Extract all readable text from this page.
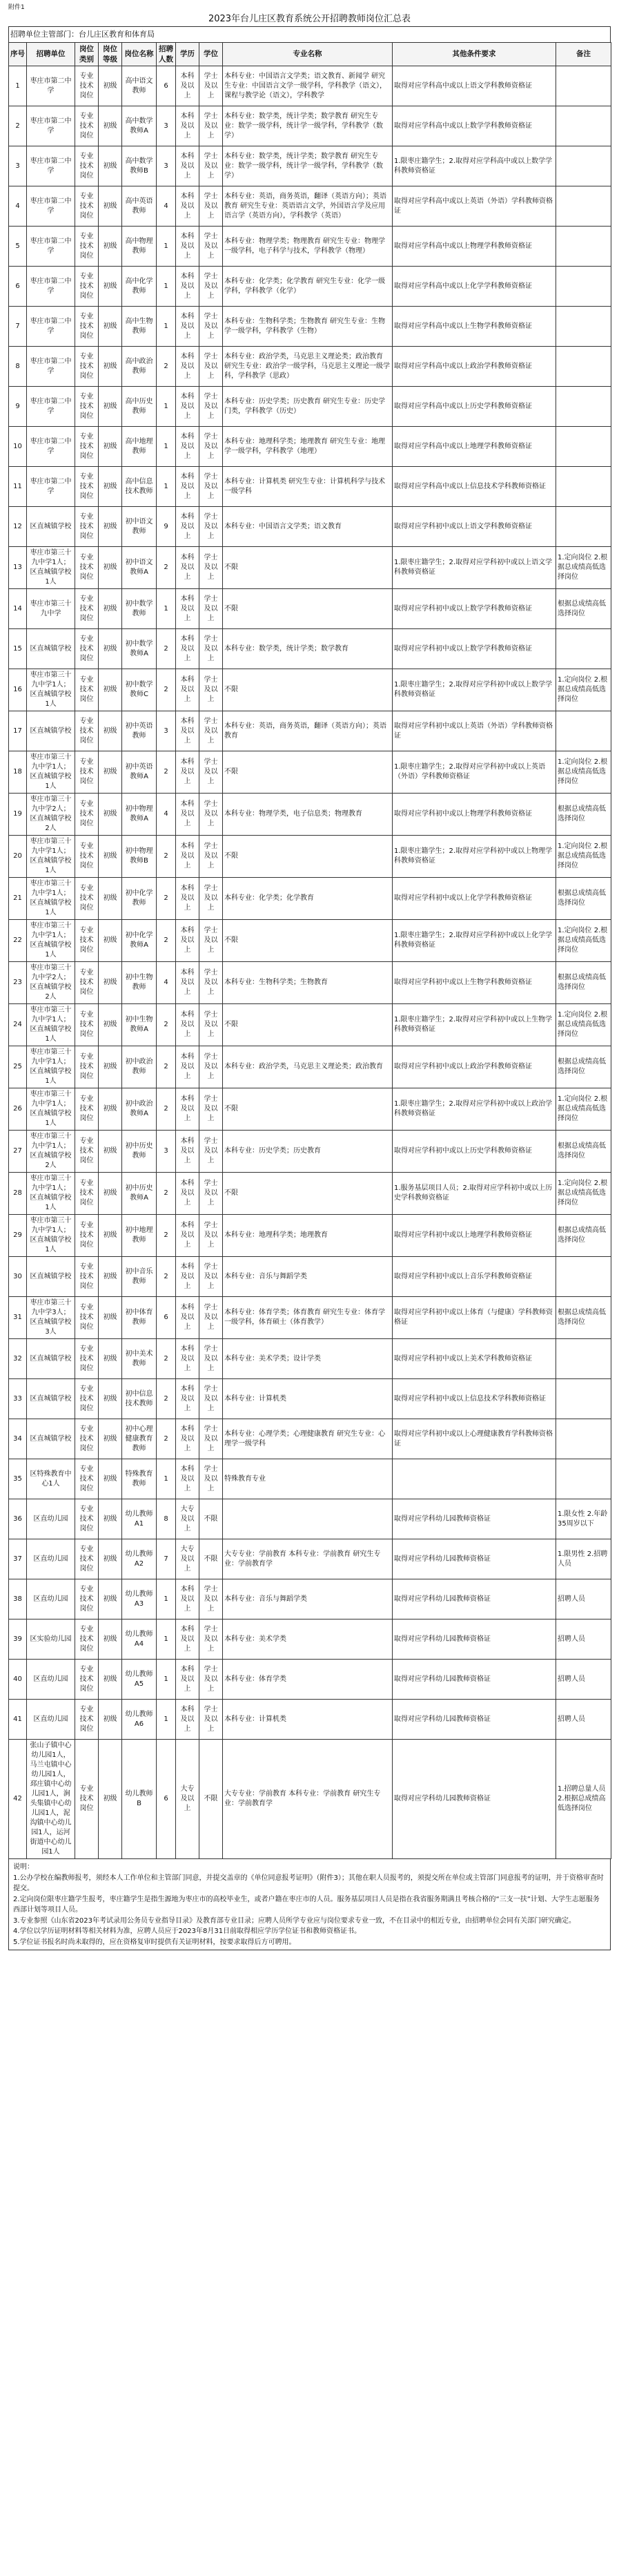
附件1
2023年台儿庄区教育系统公开招聘教师岗位汇总表
招聘单位主管部门：台儿庄区教育和体育局
序号	招聘单位	岗位类别	岗位等级	岗位名称	招聘人数	学历	学位	专业名称	其他条件要求	备注
1	枣庄市第二中学	专业技术岗位	初级	高中语文教师	6	本科及以上	学士及以上	本科专业：中国语言文学类；语文教育、新闻学 研究生专业：中国语言文学一级学科，学科教学（语文），课程与教学论（语文），学科教学	取得对应学科高中或以上语文学科教师资格证	
2	枣庄市第二中学	专业技术岗位	初级	高中数学教师A	3	本科及以上	学士及以上	本科专业：数学类，统计学类；数学教育 研究生专业：数学一级学科，统计学一级学科，学科教学（数学）	取得对应学科高中或以上数学学科教师资格证	
3	枣庄市第二中学	专业技术岗位	初级	高中数学教师B	3	本科及以上	学士及以上	本科专业：数学类，统计学类；数学教育 研究生专业：数学一级学科，统计学一级学科，学科教学（数学）	1.限枣庄籍学生；2.取得对应学科高中或以上数学学科教师资格证	
4	枣庄市第二中学	专业技术岗位	初级	高中英语教师	4	本科及以上	学士及以上	本科专业：英语，商务英语，翻译（英语方向）；英语教育 研究生专业：英语语言文学，外国语言学及应用语言学（英语方向），学科教学（英语）	取得对应学科高中或以上英语（外语）学科教师资格证	
5	枣庄市第二中学	专业技术岗位	初级	高中物理教师	1	本科及以上	学士及以上	本科专业：物理学类；物理教育 研究生专业：物理学一级学科，电子科学与技术，学科教学（物理）	取得对应学科高中或以上物理学科教师资格证	
6	枣庄市第二中学	专业技术岗位	初级	高中化学教师	1	本科及以上	学士及以上	本科专业：化学类；化学教育 研究生专业：化学一级学科，学科教学（化学）	取得对应学科高中或以上化学学科教师资格证	
7	枣庄市第二中学	专业技术岗位	初级	高中生物教师	1	本科及以上	学士及以上	本科专业：生物科学类；生物教育 研究生专业：生物学一级学科，学科教学（生物）	取得对应学科高中或以上生物学科教师资格证	
8	枣庄市第二中学	专业技术岗位	初级	高中政治教师	2	本科及以上	学士及以上	本科专业：政治学类，马克思主义理论类；政治教育 研究生专业：政治学一级学科，马克思主义理论一级学科，学科教学（思政）	取得对应学科高中或以上政治学科教师资格证	
9	枣庄市第二中学	专业技术岗位	初级	高中历史教师	1	本科及以上	学士及以上	本科专业：历史学类；历史教育 研究生专业：历史学门类，学科教学（历史）	取得对应学科高中或以上历史学科教师资格证	
10	枣庄市第二中学	专业技术岗位	初级	高中地理教师	1	本科及以上	学士及以上	本科专业：地理科学类；地理教育 研究生专业：地理学一级学科，学科教学（地理）	取得对应学科高中或以上地理学科教师资格证	
11	枣庄市第二中学	专业技术岗位	初级	高中信息技术教师	1	本科及以上	学士及以上	本科专业：计算机类 研究生专业：计算机科学与技术一级学科	取得对应学科高中或以上信息技术学科教师资格证	
12	区直城镇学校	专业技术岗位	初级	初中语文教师	9	本科及以上	学士及以上	本科专业：中国语言文学类；语文教育	取得对应学科初中或以上语文学科教师资格证	
13	枣庄市第三十九中学1人；区直城镇学校1人	专业技术岗位	初级	初中语文教师A	2	本科及以上	学士及以上	不限	1.限枣庄籍学生；2.取得对应学科初中或以上语文学科教师资格证	1.定向岗位 2.根据总成绩高低选择岗位
14	枣庄市第三十九中学	专业技术岗位	初级	初中数学教师	1	本科及以上	学士及以上	不限	取得对应学科初中或以上数学学科教师资格证	根据总成绩高低选择岗位
15	区直城镇学校	专业技术岗位	初级	初中数学教师A	2	本科及以上	学士及以上	本科专业：数学类，统计学类；数学教育	取得对应学科初中或以上数学学科教师资格证	
16	枣庄市第三十九中学1人；区直城镇学校1人	专业技术岗位	初级	初中数学教师C	2	本科及以上	学士及以上	不限	1.限枣庄籍学生；2.取得对应学科初中或以上数学学科教师资格证	1.定向岗位 2.根据总成绩高低选择岗位
17	区直城镇学校	专业技术岗位	初级	初中英语教师	3	本科及以上	学士及以上	本科专业：英语，商务英语，翻译（英语方向）；英语教育	取得对应学科初中或以上英语（外语）学科教师资格证	
18	枣庄市第三十九中学1人；区直城镇学校1人	专业技术岗位	初级	初中英语教师A	2	本科及以上	学士及以上	不限	1.限枣庄籍学生；2.取得对应学科初中或以上英语（外语）学科教师资格证	1.定向岗位 2.根据总成绩高低选择岗位
19	枣庄市第三十九中学2人；区直城镇学校2人	专业技术岗位	初级	初中物理教师A	4	本科及以上	学士及以上	本科专业：物理学类，电子信息类；物理教育	取得对应学科初中或以上物理学科教师资格证	根据总成绩高低选择岗位
20	枣庄市第三十九中学1人；区直城镇学校1人	专业技术岗位	初级	初中物理教师B	2	本科及以上	学士及以上	不限	1.限枣庄籍学生；2.取得对应学科初中或以上物理学科教师资格证	1.定向岗位 2.根据总成绩高低选择岗位
21	枣庄市第三十九中学1人；区直城镇学校1人	专业技术岗位	初级	初中化学教师	2	本科及以上	学士及以上	本科专业：化学类；化学教育	取得对应学科初中或以上化学学科教师资格证	根据总成绩高低选择岗位
22	枣庄市第三十九中学1人；区直城镇学校1人	专业技术岗位	初级	初中化学教师A	2	本科及以上	学士及以上	不限	1.限枣庄籍学生；2.取得对应学科初中或以上化学学科教师资格证	1.定向岗位 2.根据总成绩高低选择岗位
23	枣庄市第三十九中学2人；区直城镇学校2人	专业技术岗位	初级	初中生物教师	4	本科及以上	学士及以上	本科专业：生物科学类；生物教育	取得对应学科初中或以上生物学科教师资格证	根据总成绩高低选择岗位
24	枣庄市第三十九中学1人；区直城镇学校1人	专业技术岗位	初级	初中生物教师A	2	本科及以上	学士及以上	不限	1.限枣庄籍学生；2.取得对应学科初中或以上生物学科教师资格证	1.定向岗位 2.根据总成绩高低选择岗位
25	枣庄市第三十九中学1人；区直城镇学校1人	专业技术岗位	初级	初中政治教师	2	本科及以上	学士及以上	本科专业：政治学类，马克思主义理论类；政治教育	取得对应学科初中或以上政治学科教师资格证	根据总成绩高低选择岗位
26	枣庄市第三十九中学1人；区直城镇学校1人	专业技术岗位	初级	初中政治教师A	2	本科及以上	学士及以上	不限	1.限枣庄籍学生；2.取得对应学科初中或以上政治学科教师资格证	1.定向岗位 2.根据总成绩高低选择岗位
27	枣庄市第三十九中学1人；区直城镇学校2人	专业技术岗位	初级	初中历史教师	3	本科及以上	学士及以上	本科专业：历史学类；历史教育	取得对应学科初中或以上历史学科教师资格证	根据总成绩高低选择岗位
28	枣庄市第三十九中学1人；区直城镇学校1人	专业技术岗位	初级	初中历史教师A	2	本科及以上	学士及以上	不限	1.服务基层项目人员；2.取得对应学科初中或以上历史学科教师资格证	1.定向岗位 2.根据总成绩高低选择岗位
29	枣庄市第三十九中学1人；区直城镇学校1人	专业技术岗位	初级	初中地理教师	2	本科及以上	学士及以上	本科专业：地理科学类；地理教育	取得对应学科初中或以上地理学科教师资格证	根据总成绩高低选择岗位
30	区直城镇学校	专业技术岗位	初级	初中音乐教师	2	本科及以上	学士及以上	本科专业：音乐与舞蹈学类	取得对应学科初中或以上音乐学科教师资格证	
31	枣庄市第三十九中学3人；区直城镇学校3人	专业技术岗位	初级	初中体育教师	6	本科及以上	学士及以上	本科专业：体育学类；体育教育 研究生专业：体育学一级学科，体育硕士（体育教学）	取得对应学科初中或以上体育（与健康）学科教师资格证	根据总成绩高低选择岗位
32	区直城镇学校	专业技术岗位	初级	初中美术教师	2	本科及以上	学士及以上	本科专业：美术学类；设计学类	取得对应学科初中或以上美术学科教师资格证	
33	区直城镇学校	专业技术岗位	初级	初中信息技术教师	2	本科及以上	学士及以上	本科专业：计算机类	取得对应学科初中或以上信息技术学科教师资格证	
34	区直城镇学校	专业技术岗位	初级	初中心理健康教育教师	2	本科及以上	学士及以上	本科专业：心理学类；心理健康教育 研究生专业：心理学一级学科	取得对应学科初中或以上心理健康教育学科教师资格证	
35	区特殊教育中心1人	专业技术岗位	初级	特殊教育教师	1	本科及以上	学士及以上	特殊教育专业		
36	区直幼儿园	专业技术岗位	初级	幼儿教师A1	8	大专及以上	不限		取得对应学科幼儿园教师资格证	1.限女性 2.年龄35周岁以下
37	区直幼儿园	专业技术岗位	初级	幼儿教师A2	7	大专及以上	不限	大专专业：学前教育 本科专业：学前教育 研究生专业：学前教育学	取得对应学科幼儿园教师资格证	1.限男性 2.招聘人员
38	区直幼儿园	专业技术岗位	初级	幼儿教师A3	1	本科及以上	学士及以上	本科专业：音乐与舞蹈学类	取得对应学科幼儿园教师资格证	招聘人员
39	区实验幼儿园	专业技术岗位	初级	幼儿教师A4	1	本科及以上	学士及以上	本科专业：美术学类	取得对应学科幼儿园教师资格证	招聘人员
40	区直幼儿园	专业技术岗位	初级	幼儿教师A5	1	本科及以上	学士及以上	本科专业：体育学类	取得对应学科幼儿园教师资格证	招聘人员
41	区直幼儿园	专业技术岗位	初级	幼儿教师A6	1	本科及以上	学士及以上	本科专业：计算机类	取得对应学科幼儿园教师资格证	招聘人员
42	张山子镇中心幼儿园1人，马兰屯镇中心幼儿园1人，邳庄镇中心幼儿园1人，涧头集镇中心幼儿园1人，泥沟镇中心幼儿园1人，运河街道中心幼儿园1人	专业技术岗位	初级	幼儿教师B	6	大专及以上	不限	大专专业：学前教育 本科专业：学前教育 研究生专业：学前教育学	取得对应学科幼儿园教师资格证	1.招聘总量人员 2.根据总成绩高低选择岗位

说明：

1.公办学校在编教师报考，须经本人工作单位和主管部门同意，并提交盖章的《单位同意报考证明》（附件3）；其他在职人员报考的，须提交所在单位或主管部门同意报考的证明，并于资格审查时提交。

2.定向岗位限枣庄籍学生报考，枣庄籍学生是指生源地为枣庄市的高校毕业生，或者户籍在枣庄市的人员。服务基层项目人员是指在我省服务期满且考核合格的“三支一扶”计划、大学生志愿服务西部计划等项目人员。

3.专业参照《山东省2023年考试录用公务员专业指导目录》及教育部专业目录；应聘人员所学专业应与岗位要求专业一致，不在目录中的相近专业，由招聘单位会同有关部门研究确定。

4.学位以学历证明材料等相关材料为准，应聘人员应于2023年8月31日前取得相应学历学位证书和教师资格证书。

5.学位证书报名时尚未取得的，应在资格复审时提供有关证明材料，按要求取得后方可聘用。
